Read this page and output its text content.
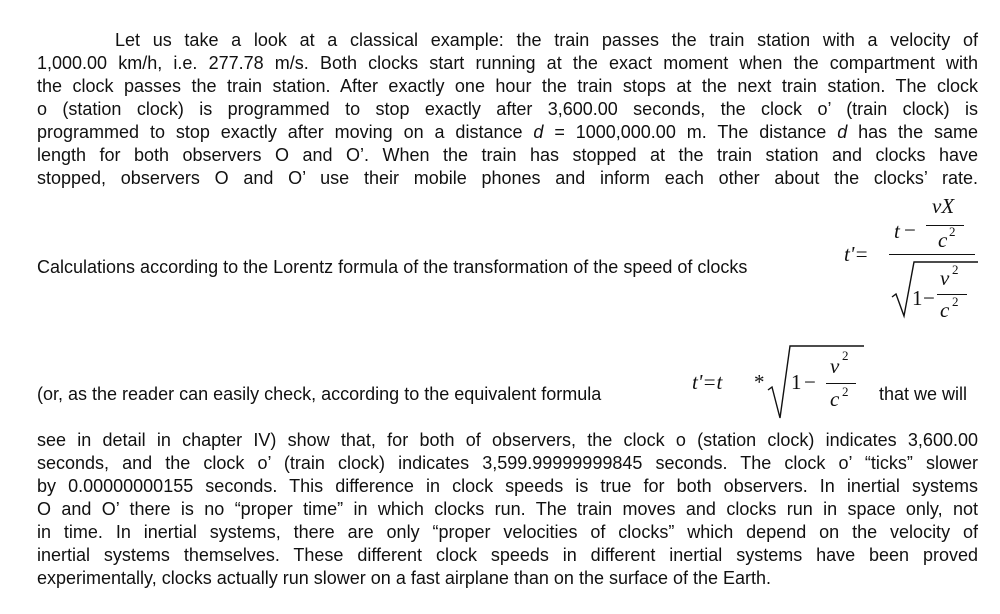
Let us take a look at a classical example: the train passes the train station with a velocity of
1,000.00 km/h, i.e. 277.78 m/s. Both clocks start running at the exact moment when the compartment with
the clock passes the train station. After exactly one hour the train stops at the next train station. The clock
o (station clock) is programmed to stop exactly after 3,600.00 seconds, the clock o’ (train clock) is
programmed to stop exactly after moving on a distance d = 1000,000.00 m. The distance d has the same
length for both observers O and O’. When the train has stopped at the train station and clocks have
stopped, observers O and O’ use their mobile phones and inform each other about the clocks’ rate.
Calculations according to the Lorentz formula of the transformation of the speed of clocks
t'=
t −
vX
c 2
1 −
v 2
c 2
(or, as the reader can easily check, according to the equivalent formula	t'=t * 1 −
v 2
c 2 that we will
see in detail in chapter IV) show that, for both of observers, the clock o (station clock) indicates 3,600.00
seconds, and the clock o’ (train clock) indicates 3,599.99999999845 seconds. The clock o’ “ticks” slower
by 0.00000000155 seconds. This difference in clock speeds is true for both observers. In inertial systems
O and O’ there is no “proper time” in which clocks run. The train moves and clocks run in space only, not
in time. In inertial systems, there are only “proper velocities of clocks” which depend on the velocity of
inertial systems themselves. These different clock speeds in different inertial systems have been proved
experimentally, clocks actually run slower on a fast airplane than on the surface of the Earth.
